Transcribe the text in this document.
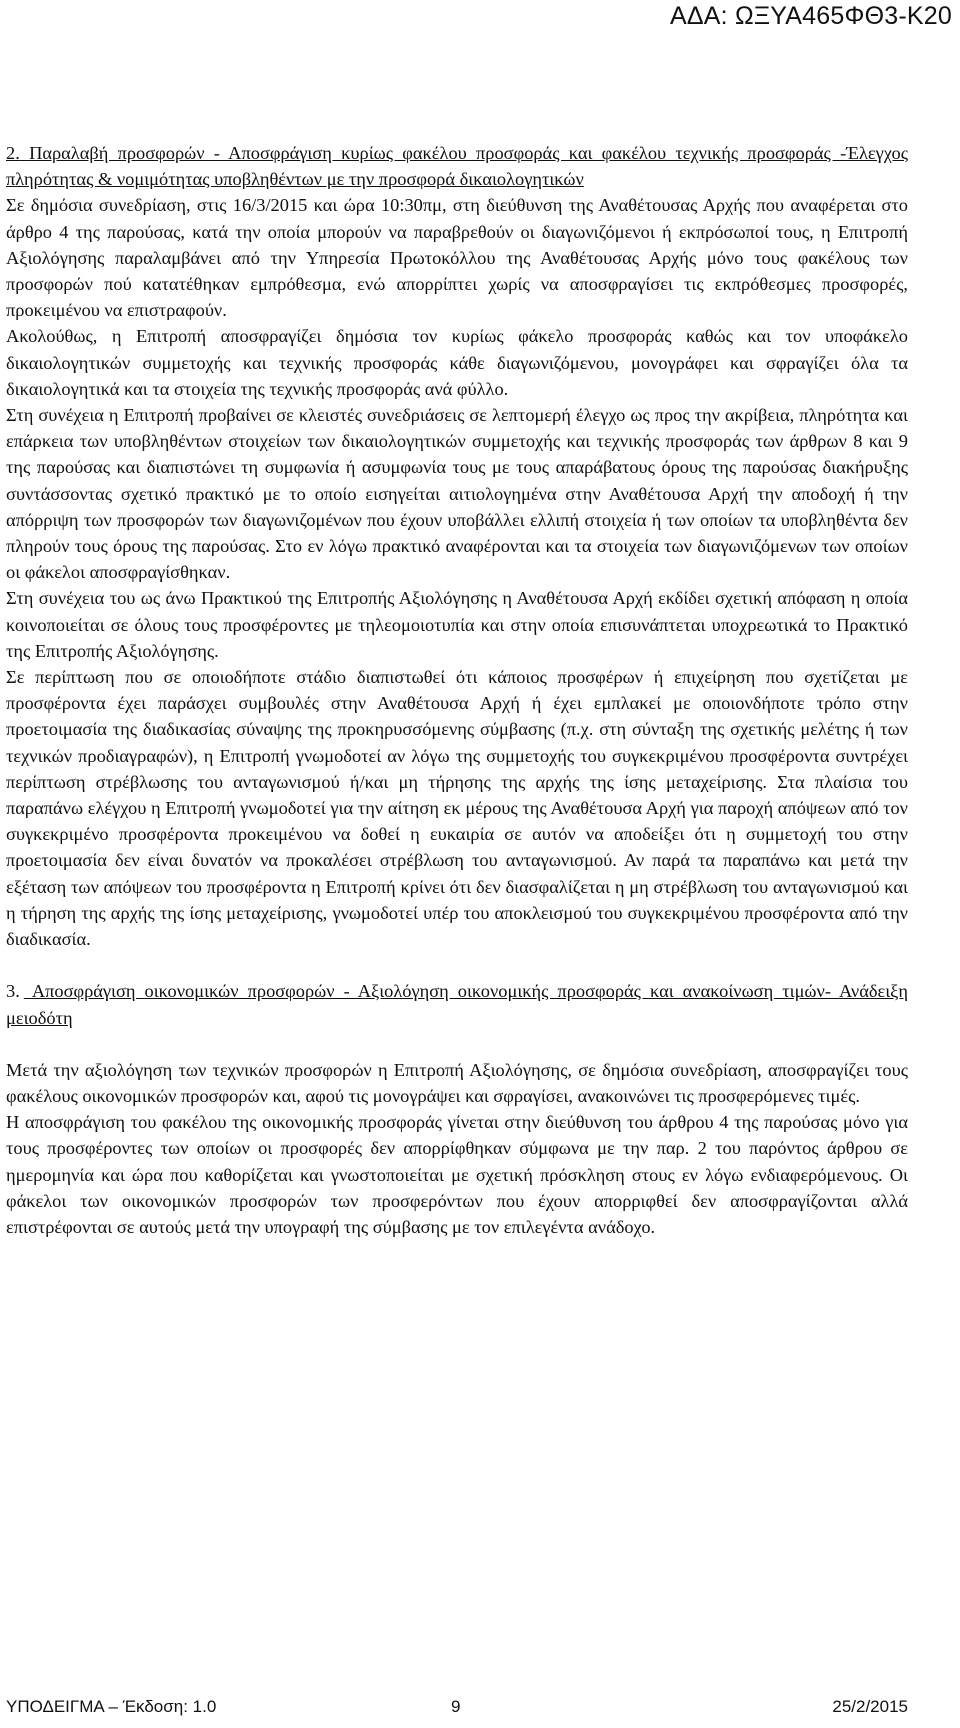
ΑΔΑ: ΩΞΥΑ465ΦΘ3-Κ20

2. Παραλαβή προσφορών - Αποσφράγιση κυρίως φακέλου προσφοράς και φακέλου τεχνικής προσφοράς -Έλεγχος πληρότητας & νομιμότητας υποβληθέντων με την προσφορά δικαιολογητικών

Σε δημόσια συνεδρίαση, στις 16/3/2015 και ώρα 10:30πμ, στη διεύθυνση της Αναθέτουσας Αρχής που αναφέρεται στο άρθρο 4 της παρούσας, κατά την οποία μπορούν να παραβρεθούν οι διαγωνιζόμενοι ή εκπρόσωποί τους, η Επιτροπή Αξιολόγησης παραλαμβάνει από την Υπηρεσία Πρωτοκόλλου της Αναθέτουσας Αρχής μόνο τους φακέλους των προσφορών πού κατατέθηκαν εμπρόθεσμα, ενώ απορρίπτει χωρίς να αποσφραγίσει τις εκπρόθεσμες προσφορές, προκειμένου να επιστραφούν.

Ακολούθως, η Επιτροπή αποσφραγίζει δημόσια τον κυρίως φάκελο προσφοράς καθώς και τον υποφάκελο δικαιολογητικών συμμετοχής και τεχνικής προσφοράς κάθε διαγωνιζόμενου, μονογράφει και σφραγίζει όλα τα δικαιολογητικά και τα στοιχεία της τεχνικής προσφοράς ανά φύλλο.

Στη συνέχεια η Επιτροπή προβαίνει σε κλειστές συνεδριάσεις σε λεπτομερή έλεγχο ως προς την ακρίβεια, πληρότητα και επάρκεια των υποβληθέντων στοιχείων των δικαιολογητικών συμμετοχής και τεχνικής προσφοράς των άρθρων 8 και 9 της παρούσας και διαπιστώνει τη συμφωνία ή ασυμφωνία τους με τους απαράβατους όρους της παρούσας διακήρυξης συντάσσοντας σχετικό πρακτικό με το οποίο εισηγείται αιτιολογημένα στην Αναθέτουσα Αρχή την αποδοχή ή την απόρριψη των προσφορών των διαγωνιζομένων που έχουν υποβάλλει ελλιπή στοιχεία ή των οποίων τα υποβληθέντα δεν πληρούν τους όρους της παρούσας. Στο εν λόγω πρακτικό αναφέρονται και τα στοιχεία των διαγωνιζόμενων των οποίων οι φάκελοι αποσφραγίσθηκαν.

Στη συνέχεια του ως άνω Πρακτικού της Επιτροπής Αξιολόγησης η Αναθέτουσα Αρχή εκδίδει σχετική απόφαση η οποία κοινοποιείται σε όλους τους προσφέροντες με τηλεομοιοτυπία και στην οποία επισυνάπτεται υποχρεωτικά το Πρακτικό της Επιτροπής Αξιολόγησης.

Σε περίπτωση που σε οποιοδήποτε στάδιο διαπιστωθεί ότι κάποιος προσφέρων ή επιχείρηση που σχετίζεται με προσφέροντα έχει παράσχει συμβουλές στην Αναθέτουσα Αρχή ή έχει εμπλακεί με οποιονδήποτε τρόπο στην προετοιμασία της διαδικασίας σύναψης της προκηρυσσόμενης σύμβασης (π.χ. στη σύνταξη της σχετικής μελέτης ή των τεχνικών προδιαγραφών), η Επιτροπή γνωμοδοτεί αν λόγω της συμμετοχής του συγκεκριμένου προσφέροντα συντρέχει περίπτωση στρέβλωσης του ανταγωνισμού ή/και μη τήρησης της αρχής της ίσης μεταχείρισης. Στα πλαίσια του παραπάνω ελέγχου η Επιτροπή γνωμοδοτεί για την αίτηση εκ μέρους της Αναθέτουσα Αρχή για παροχή απόψεων από τον συγκεκριμένο προσφέροντα προκειμένου να δοθεί η ευκαιρία σε αυτόν να αποδείξει ότι η συμμετοχή του στην προετοιμασία δεν είναι δυνατόν να προκαλέσει στρέβλωση του ανταγωνισμού. Αν παρά τα παραπάνω και μετά την εξέταση των απόψεων του προσφέροντα η Επιτροπή κρίνει ότι δεν διασφαλίζεται η μη στρέβλωση του ανταγωνισμού και η τήρηση της αρχής της ίσης μεταχείρισης, γνωμοδοτεί υπέρ του αποκλεισμού του συγκεκριμένου προσφέροντα από την διαδικασία.

3. Αποσφράγιση οικονομικών προσφορών - Αξιολόγηση οικονομικής προσφοράς και ανακοίνωση τιμών- Ανάδειξη μειοδότη

Μετά την αξιολόγηση των τεχνικών προσφορών η Επιτροπή Αξιολόγησης, σε δημόσια συνεδρίαση, αποσφραγίζει τους φακέλους οικονομικών προσφορών και, αφού τις μονογράψει και σφραγίσει, ανακοινώνει τις προσφερόμενες τιμές.

Η αποσφράγιση του φακέλου της οικονομικής προσφοράς γίνεται στην διεύθυνση του άρθρου 4 της παρούσας μόνο για τους προσφέροντες των οποίων οι προσφορές δεν απορρίφθηκαν σύμφωνα με την παρ. 2 του παρόντος άρθρου σε ημερομηνία και ώρα που καθορίζεται και γνωστοποιείται με σχετική πρόσκληση στους εν λόγω ενδιαφερόμενους. Οι φάκελοι των οικονομικών προσφορών των προσφερόντων που έχουν απορριφθεί δεν αποσφραγίζονται αλλά επιστρέφονται σε αυτούς μετά την υπογραφή της σύμβασης με τον επιλεγέντα ανάδοχο.

ΥΠΟΔΕΙΓΜΑ – Έκδοση: 1.0	9	25/2/2015
